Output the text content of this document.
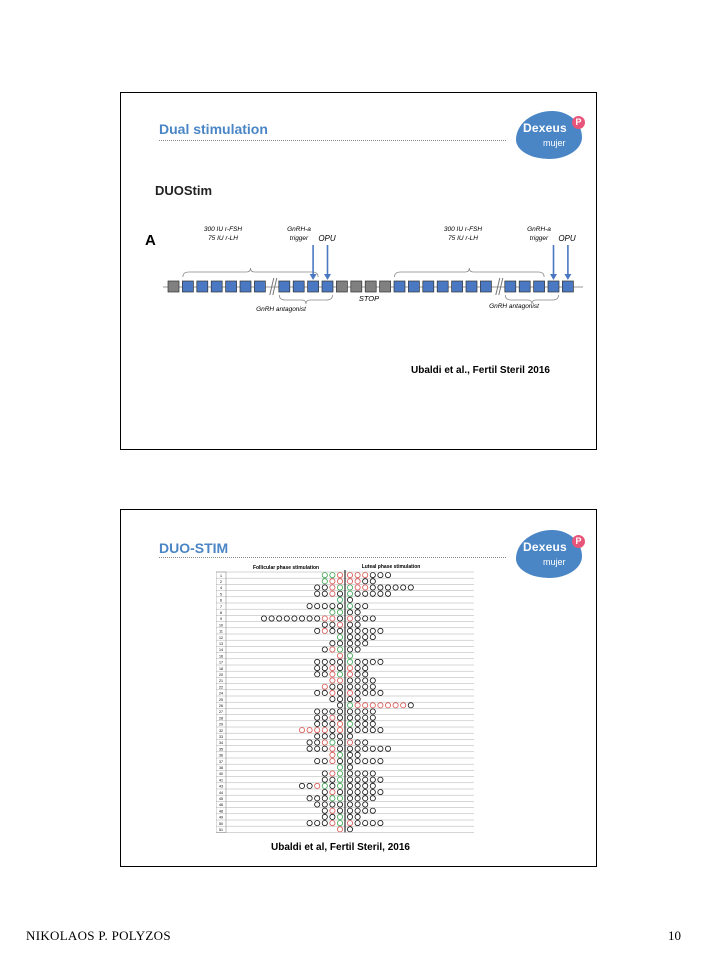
Dual stimulation	Dexeus P
mujer
DUOStim
A
300 IU r-FSH
75 IU r-LH
GnRH-a
trigger OPU
300 IU r-FSH
75 IU r-LH
GnRH-a
trigger OPU
STOP
GnRH antagonist	GnRH antagonist
Ubaldi et al., Fertil Steril 2016
DUO-STIM	Dexeus P
mujer
Follicular phase stimulation	Luteal phase stimulation
1
2
4
5
6
7
8
9
10
11
12
13
14
16
17
18
20
21
22
24
25
26
27
28
29
32
33
34
35
36
37
38
40
41
43
44
45
46
48
49
50
51
Ubaldi et al, Fertil Steril, 2016
NIKOLAOS P. POLYZOS	10
